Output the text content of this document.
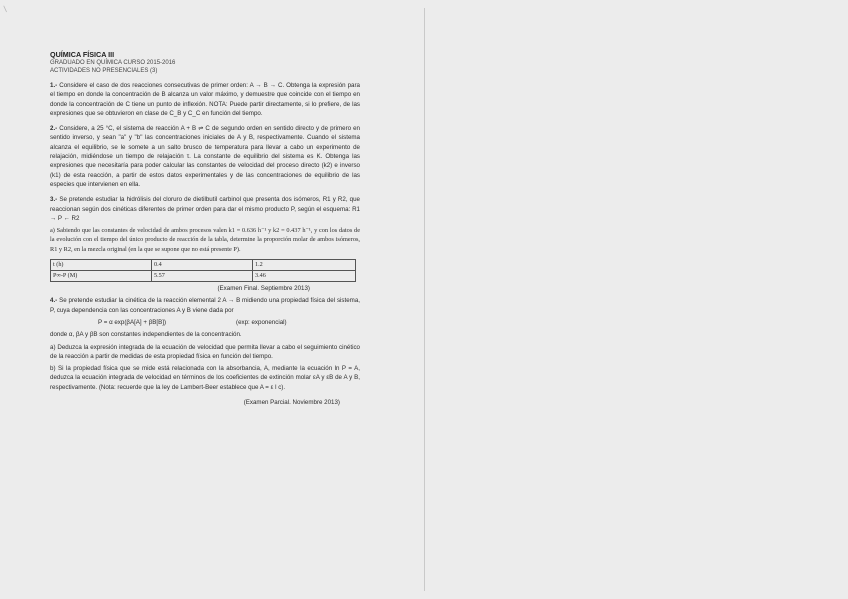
/

QUÍMICA FÍSICA III

GRADUADO EN QUÍMICA CURSO 2015-2016

ACTIVIDADES NO PRESENCIALES (3)

1.- Considere el caso de dos reacciones consecutivas de primer orden: A → B → C. Obtenga la expresión para el tiempo en donde la concentración de B alcanza un valor máximo, y demuestre que coincide con el tiempo en donde la concentración de C tiene un punto de inflexión. NOTA: Puede partir directamente, si lo prefiere, de las expresiones que se obtuvieron en clase de C_B y C_C en función del tiempo.

2.- Considere, a 25 °C, el sistema de reacción A + B ⇌ C de segundo orden en sentido directo y de primero en sentido inverso, y sean "a" y "b" las concentraciones iniciales de A y B, respectivamente. Cuando el sistema alcanza el equilibrio, se le somete a un salto brusco de temperatura para llevar a cabo un experimento de relajación, midiéndose un tiempo de relajación τ. La constante de equilibrio del sistema es K. Obtenga las expresiones que necesitaría para poder calcular las constantes de velocidad del proceso directo (k2) e inverso (k1) de esta reacción, a partir de estos datos experimentales y de las concentraciones de equilibrio de las especies que intervienen en ella.

3.- Se pretende estudiar la hidrólisis del cloruro de dietilbutil carbinol que presenta dos isómeros, R1 y R2, que reaccionan según dos cinéticas diferentes de primer orden para dar el mismo producto P, según el esquema: R1 → P ← R2

a) Sabiendo que las constantes de velocidad de ambos procesos valen k1 = 0.636 h⁻¹ y k2 = 0.437 h⁻¹, y con los datos de la evolución con el tiempo del único producto de reacción de la tabla, determine la proporción molar de ambos isómeros, R1 y R2, en la mezcla original (en la que se supone que no está presente P).

t (h)	0.4	1.2
P∞-P (M)	5.57	3.46

(Examen Final. Septiembre 2013)

4.- Se pretende estudiar la cinética de la reacción elemental 2 A → B midiendo una propiedad física del sistema, P, cuya dependencia con las concentraciones A y B viene dada por

P = α exp(βA[A] + βB[B])	(exp: exponencial)

donde α, βA y βB son constantes independientes de la concentración.

a) Deduzca la expresión integrada de la ecuación de velocidad que permita llevar a cabo el seguimiento cinético de la reacción a partir de medidas de esta propiedad física en función del tiempo.

b) Si la propiedad física que se mide está relacionada con la absorbancia, A, mediante la ecuación ln P = A, deduzca la ecuación integrada de velocidad en términos de los coeficientes de extinción molar εA y εB de A y B, respectivamente. (Nota: recuerde que la ley de Lambert-Beer establece que A = ε l c).

(Examen Parcial. Noviembre 2013)
